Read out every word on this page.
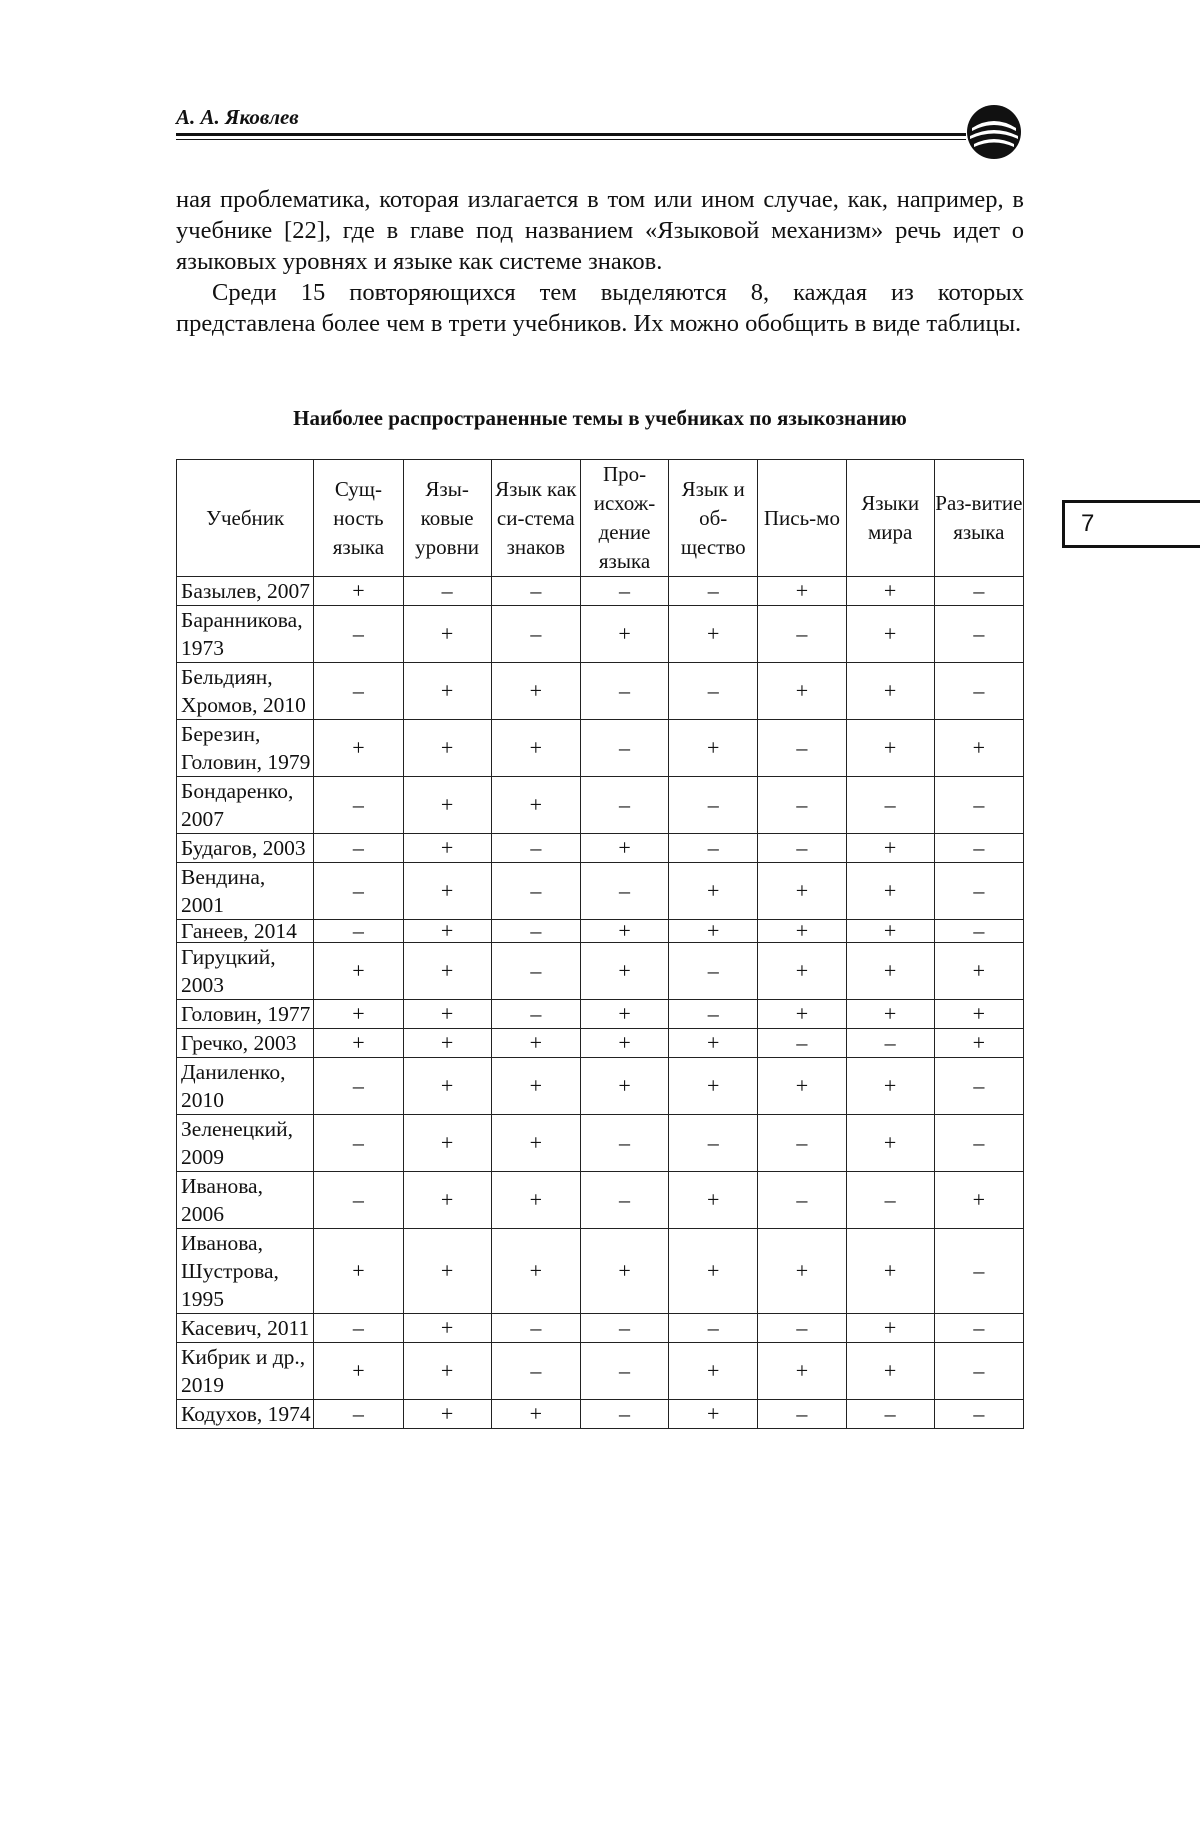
А. А. Яковлев
7

ная проблематика, которая излагается в том или ином случае, как, например, в учебнике [22], где в главе под названием «Языковой механизм» речь идет о языковых уровнях и языке как системе знаков.

Среди 15 повторяющихся тем выделяются 8, каждая из которых представлена более чем в трети учебников. Их можно обобщить в виде таблицы.

Наиболее распространенные темы в учебниках по языкознанию
Учебник	Сущ-ность языка	Язы-ковые уровни	Язык как си-стема знаков	Про-исхож-дение языка	Язык и об-щество	Пись-мо	Языки мира	Раз-витие языка
Базылев, 2007	+	–	–	–	–	+	+	–
Баранникова, 1973	–	+	–	+	+	–	+	–
Бельдиян, Хромов, 2010	–	+	+	–	–	+	+	–
Березин, Головин, 1979	+	+	+	–	+	–	+	+
Бондаренко, 2007	–	+	+	–	–	–	–	–
Будагов, 2003	–	+	–	+	–	–	+	–
Вендина, 2001	–	+	–	–	+	+	+	–
Ганеев, 2014	–	+	–	+	+	+	+	–
Гируцкий, 2003	+	+	–	+	–	+	+	+
Головин, 1977	+	+	–	+	–	+	+	+
Гречко, 2003	+	+	+	+	+	–	–	+
Даниленко, 2010	–	+	+	+	+	+	+	–
Зеленецкий, 2009	–	+	+	–	–	–	+	–
Иванова, 2006	–	+	+	–	+	–	–	+
Иванова, Шустрова, 1995	+	+	+	+	+	+	+	–
Касевич, 2011	–	+	–	–	–	–	+	–
Кибрик и др., 2019	+	+	–	–	+	+	+	–
Кодухов, 1974	–	+	+	–	+	–	–	–
